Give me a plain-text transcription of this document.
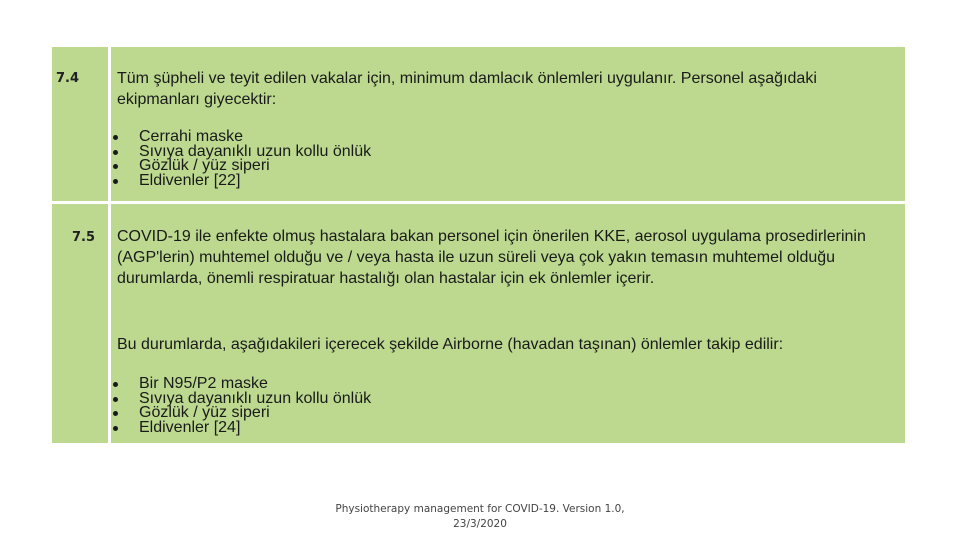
7.4 Tüm şüpheli ve teyit edilen vakalar için, minimum damlacık önlemleri uygulanır. Personel aşağıdaki ekipmanları giyecektir:

Cerrahi maske
Sıvıya dayanıklı uzun kollu önlük
Gözlük / yüz siperi
Eldivenler [22]
7.5 COVID-19 ile enfekte olmuş hastalara bakan personel için önerilen KKE, aerosol uygulama prosedirlerinin (AGP'lerin) muhtemel olduğu ve / veya hasta ile uzun süreli veya çok yakın temasın muhtemel olduğu durumlarda, önemli respiratuar hastalığı olan hastalar için ek önlemler içerir.

Bu durumlarda, aşağıdakileri içerecek şekilde Airborne (havadan taşınan) önlemler takip edilir:

Bir N95/P2 maske
Sıvıya dayanıklı uzun kollu önlük
Gözlük / yüz siperi
Eldivenler [24]
Physiotherapy management for COVID-19. Version 1.0,
23/3/2020
